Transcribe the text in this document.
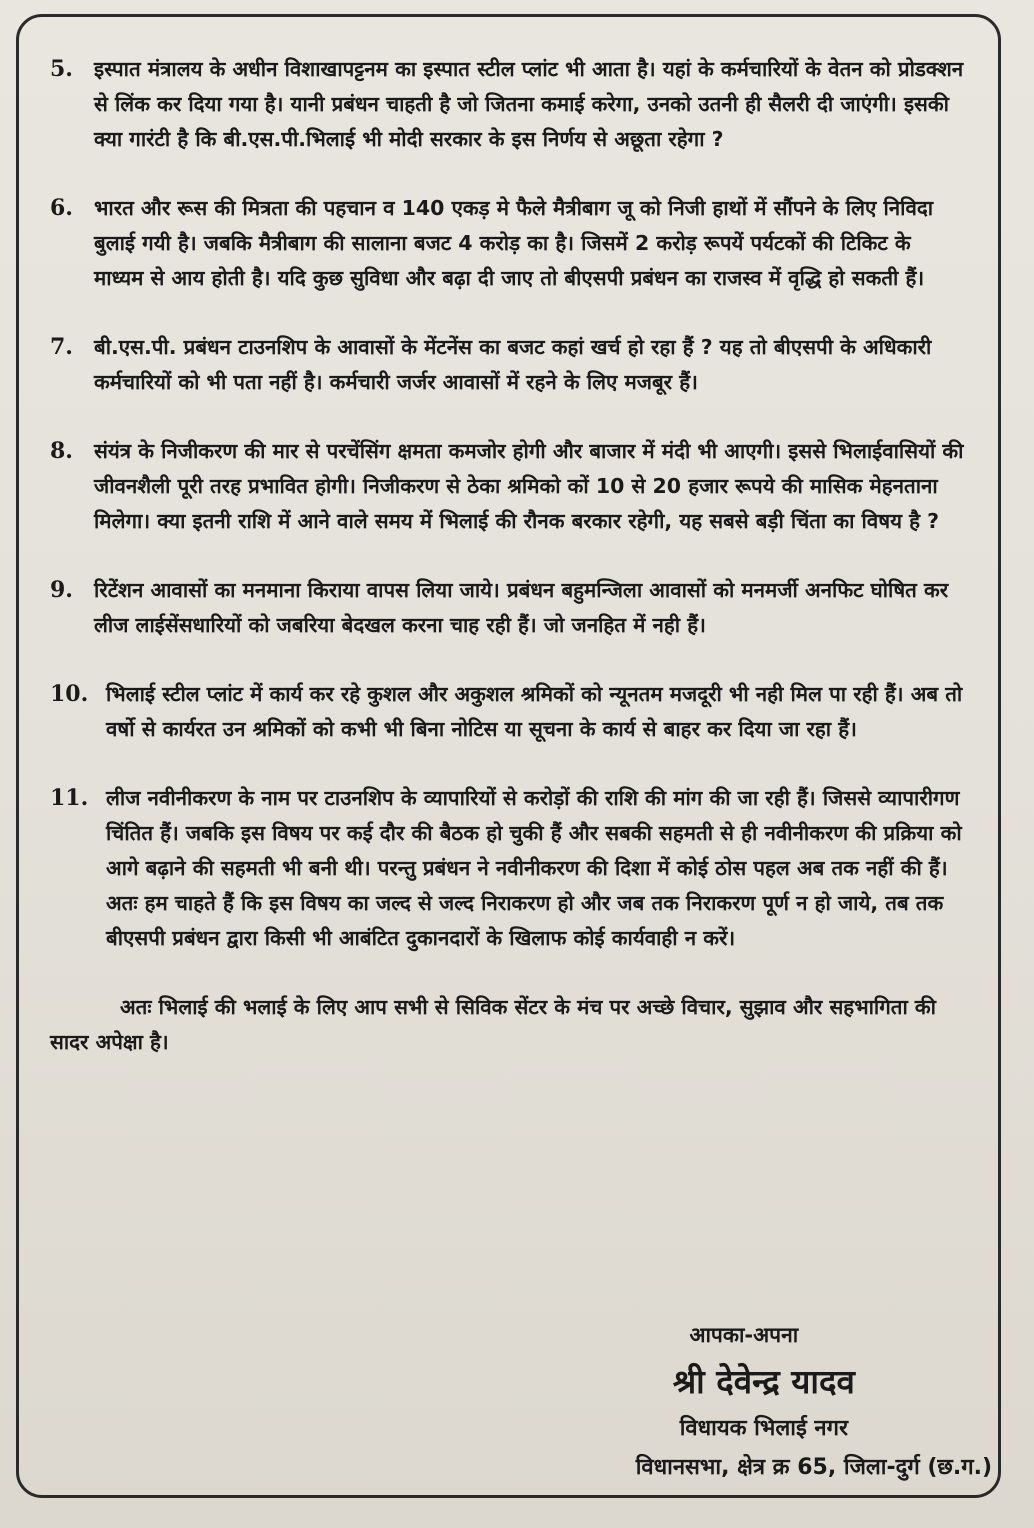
5.	इस्पात मंत्रालय के अधीन विशाखापट्टनम का इस्पात स्टील प्लांट भी आता है। यहां के कर्मचारियों के वेतन को प्रोडक्शन से लिंक कर दिया गया है। यानी प्रबंधन चाहती है जो जितना कमाई करेगा, उनको उतनी ही सैलरी दी जाएंगी। इसकी क्या गारंटी है कि बी.एस.पी.भिलाई भी मोदी सरकार के इस निर्णय से अछूता रहेगा ?
6.	भारत और रूस की मित्रता की पहचान व 140 एकड़ मे फैले मैत्रीबाग जू को निजी हाथों में सौंपने के लिए निविदा बुलाई गयी है। जबकि मैत्रीबाग की सालाना बजट 4 करोड़ का है। जिसमें 2 करोड़ रूपयें पर्यटकों की टिकिट के माध्यम से आय होती है। यदि कुछ सुविधा और बढ़ा दी जाए तो बीएसपी प्रबंधन का राजस्व में वृद्धि हो सकती हैं।
7.	बी.एस.पी. प्रबंधन टाउनशिप के आवासों के मेंटनेंस का बजट कहां खर्च हो रहा हैं ? यह तो बीएसपी के अधिकारी कर्मचारियों को भी पता नहीं है। कर्मचारी जर्जर आवासों में रहने के लिए मजबूर हैं।
8.	संयंत्र के निजीकरण की मार से परचेंसिंग क्षमता कमजोर होगी और बाजार में मंदी भी आएगी। इससे भिलाईवासियों की जीवनशैली पूरी तरह प्रभावित होगी। निजीकरण से ठेका श्रमिको कों 10 से 20 हजार रूपये की मासिक मेहनताना मिलेगा। क्या इतनी राशि में आने वाले समय में भिलाई की रौनक बरकार रहेगी, यह सबसे बड़ी चिंता का विषय है ?
9.	रिटेंशन आवासों का मनमाना किराया वापस लिया जाये। प्रबंधन बहुमन्जिला आवासों को मनमर्जी अनफिट घोषित कर लीज लाईसेंसधारियों को जबरिया बेदखल करना चाह रही हैं। जो जनहित में नही हैं।
10. भिलाई स्टील प्लांट में कार्य कर रहे कुशल और अकुशल श्रमिकों को न्यूनतम मजदूरी भी नही मिल पा रही हैं। अब तो वर्षो से कार्यरत उन श्रमिकों को कभी भी बिना नोटिस या सूचना के कार्य से बाहर कर दिया जा रहा हैं।
11. लीज नवीनीकरण के नाम पर टाउनशिप के व्यापारियों से करोड़ों की राशि की मांग की जा रही हैं। जिससे व्यापारीगण चिंतित हैं। जबकि इस विषय पर कई दौर की बैठक हो चुकी हैं और सबकी सहमती से ही नवीनीकरण की प्रक्रिया को आगे बढ़ाने की सहमती भी बनी थी। परन्तु प्रबंधन ने नवीनीकरण की दिशा में कोई ठोस पहल अब तक नहीं की हैं। अतः हम चाहते हैं कि इस विषय का जल्द से जल्द निराकरण हो और जब तक निराकरण पूर्ण न हो जाये, तब तक बीएसपी प्रबंधन द्वारा किसी भी आबंटित दुकानदारों के खिलाफ कोई कार्यवाही न करें।
अतः भिलाई की भलाई के लिए आप सभी से सिविक सेंटर के मंच पर अच्छे विचार, सुझाव और सहभागिता की सादर अपेक्षा है।
आपका-अपना
श्री देवेन्द्र यादव
विधायक भिलाई नगर
विधानसभा, क्षेत्र क्र 65, जिला-दुर्ग (छ.ग.)
